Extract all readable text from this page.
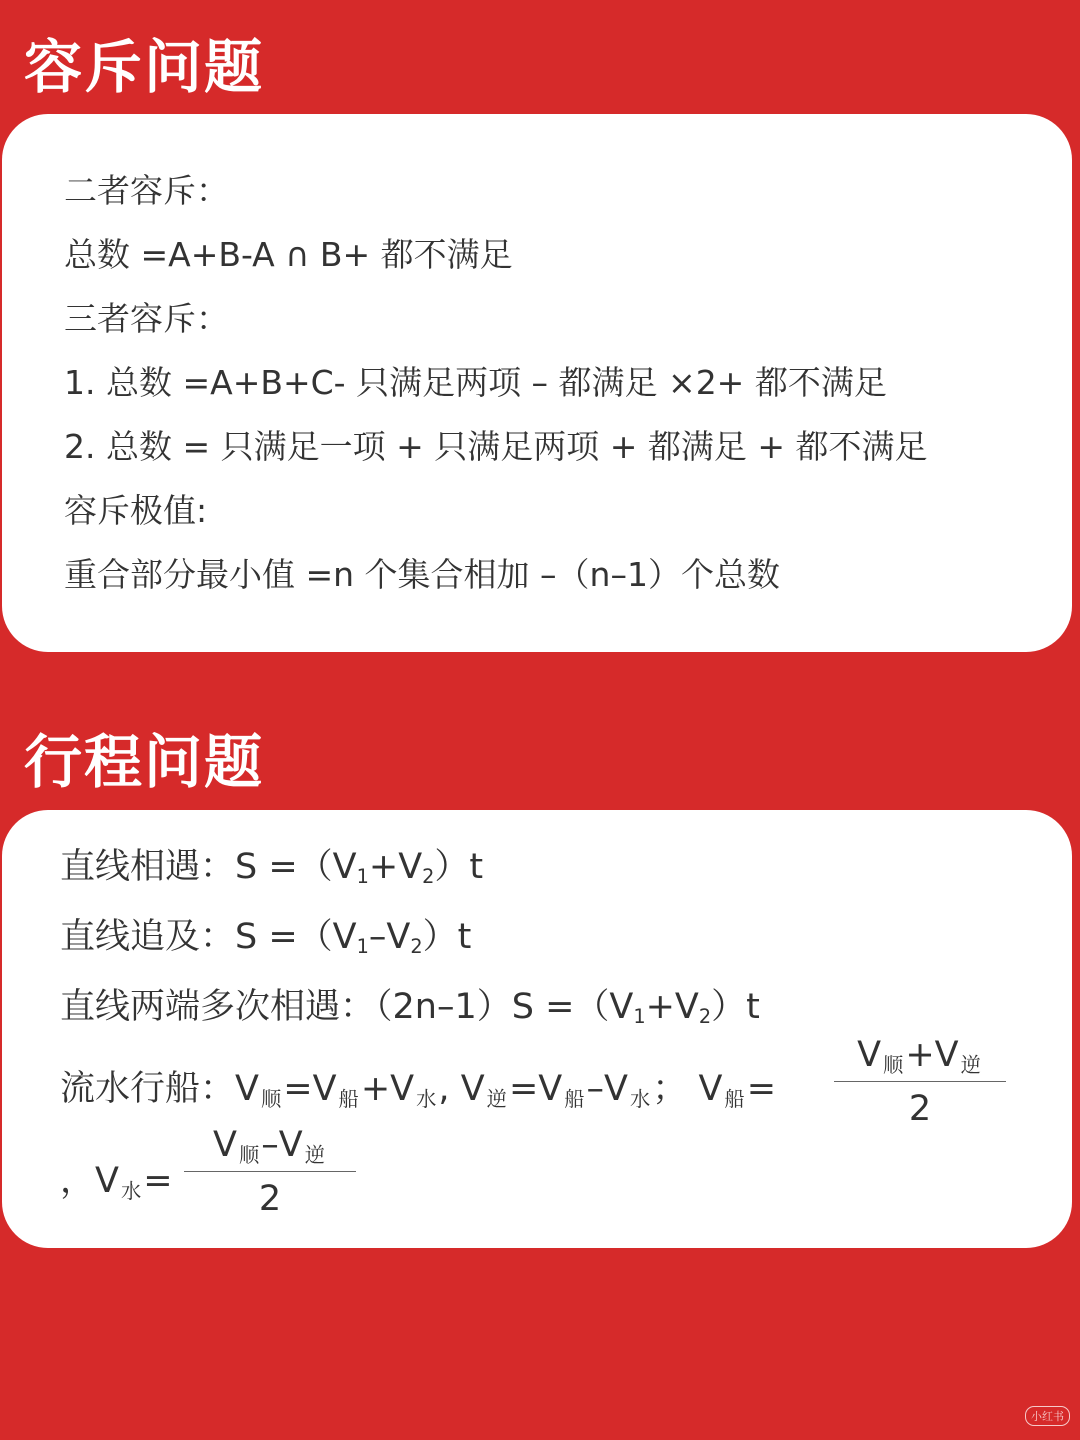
容斥问题
二者容斥：
总数 =A+B-A ∩ B+ 都不满足
三者容斥：
1. 总数 =A+B+C- 只满足两项 – 都满足 ×2+ 都不满足
2. 总数 = 只满足一项 + 只满足两项 + 都满足 + 都不满足
容斥极值:
重合部分最小值 =n 个集合相加 –（n–1）个总数
行程问题
直线相遇：$S =(V_1+V_2)t$
直线追及：$S =(V_1-V_2)t$
直线两端多次相遇：$(2n-1)S =(V_1+V_2)t$
流水行船：$V_顺=V_船+V_水$, $V_逆=V_船-V_水$； $V_船=$
$V_顺+V_逆$
2
，$V_水=$
$V_顺-V_逆$
2
小红书
